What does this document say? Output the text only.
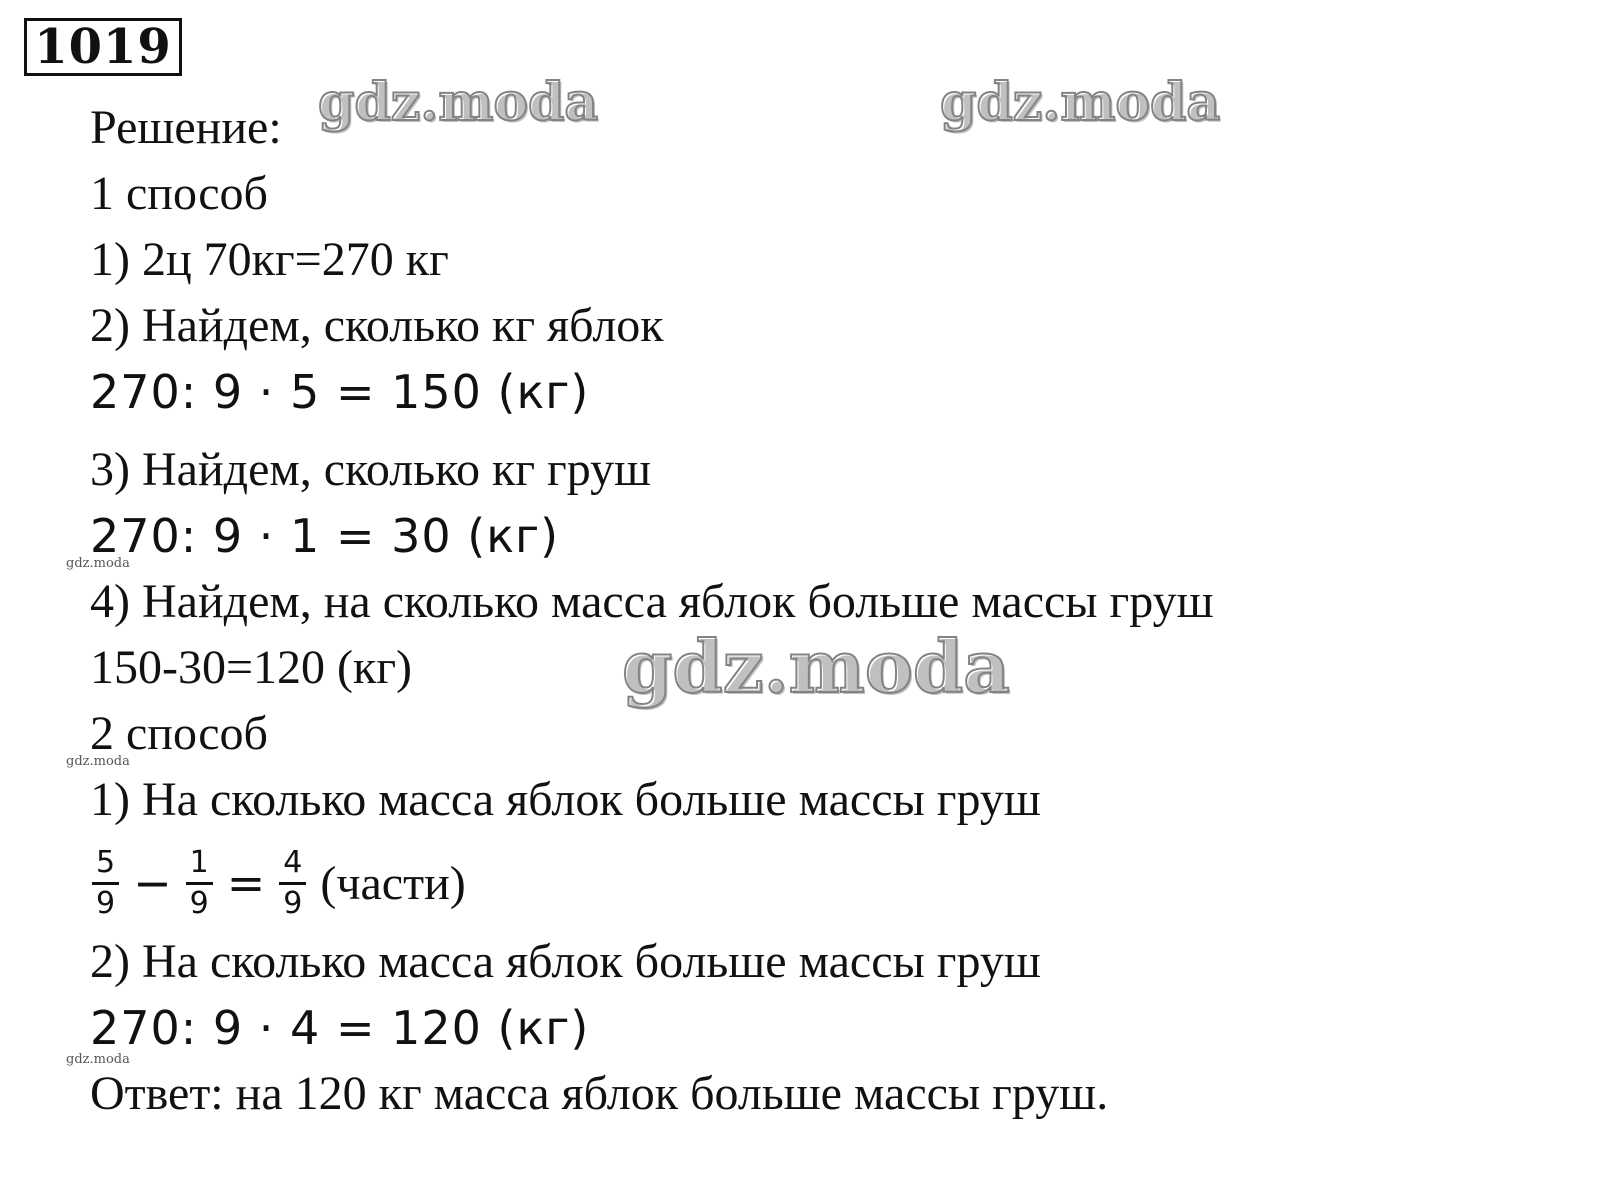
1019
Решение:
1 способ
1) 2ц 70кг=270 кг
2) Найдем, сколько кг яблок
270: 9 · 5 = 150 (кг)
3) Найдем, сколько кг груш
270: 9 · 1 = 30 (кг)
4) Найдем, на сколько масса яблок больше массы груш
150-30=120 (кг)
2 способ
1) На сколько масса яблок больше массы груш
$\frac{5}{9} - \frac{1}{9} = \frac{4}{9}$ (части)
2) На сколько масса яблок больше массы груш
270: 9 · 4 = 120 (кг)
Ответ: на 120 кг масса яблок больше массы груш.
gdz.moda	gdz.moda
gdz.moda
gdz.moda
gdz.moda
gdz.moda
